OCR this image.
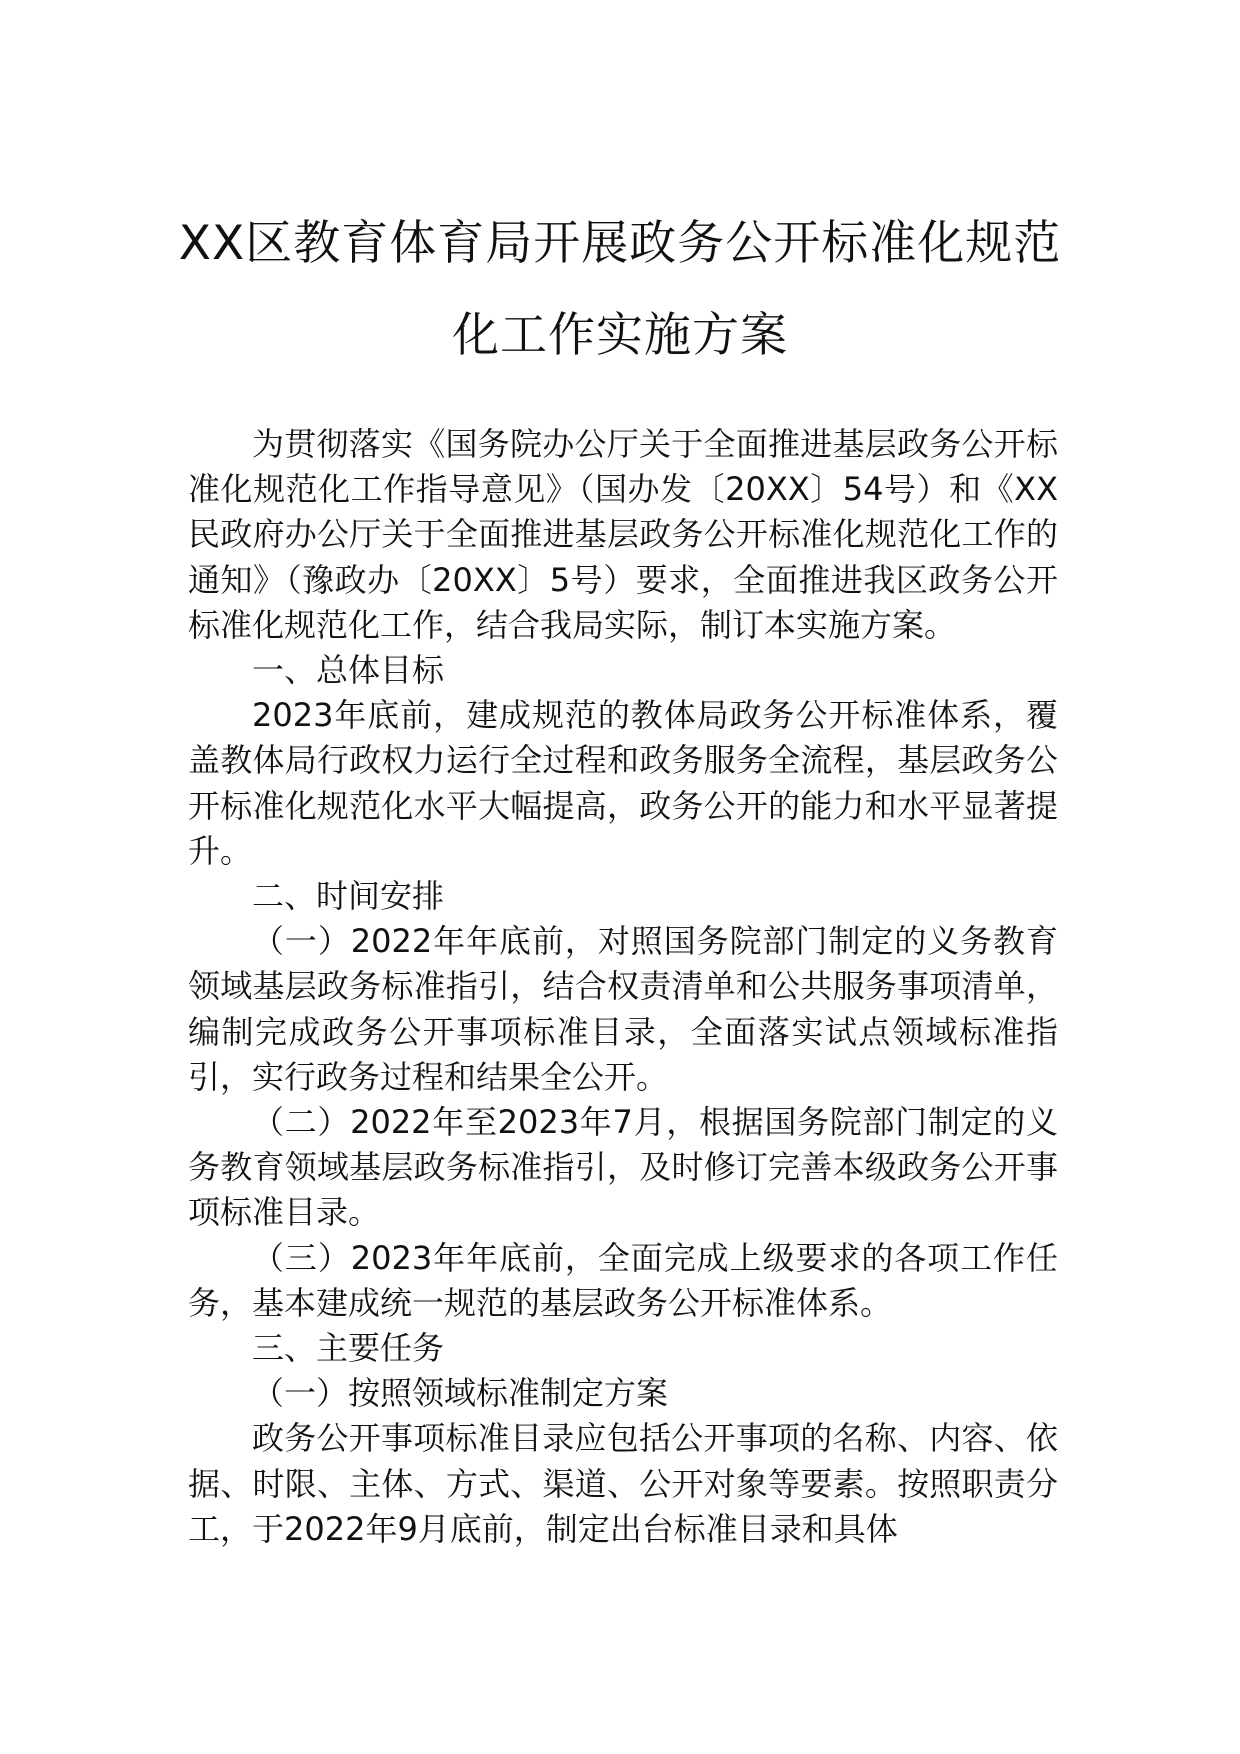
XX区教育体育局开展政务公开标准化规范
化工作实施方案

为贯彻落实《国务院办公厅关于全面推进基层政务公开标准化规范化工作指导意见》（国办发〔20XX〕54号）和《XX民政府办公厅关于全面推进基层政务公开标准化规范化工作的通知》（豫政办〔20XX〕5号）要求，全面推进我区政务公开标准化规范化工作，结合我局实际，制订本实施方案。

一、总体目标

2023年底前，建成规范的教体局政务公开标准体系，覆盖教体局行政权力运行全过程和政务服务全流程，基层政务公开标准化规范化水平大幅提高，政务公开的能力和水平显著提升。

二、时间安排

（一）2022年年底前，对照国务院部门制定的义务教育领域基层政务标准指引，结合权责清单和公共服务事项清单，编制完成政务公开事项标准目录，全面落实试点领域标准指引，实行政务过程和结果全公开。

（二）2022年至2023年7月，根据国务院部门制定的义务教育领域基层政务标准指引，及时修订完善本级政务公开事项标准目录。

（三）2023年年底前，全面完成上级要求的各项工作任务，基本建成统一规范的基层政务公开标准体系。

三、主要任务

（一）按照领域标准制定方案

政务公开事项标准目录应包括公开事项的名称、内容、依据、时限、主体、方式、渠道、公开对象等要素。按照职责分工，于2022年9月底前，制定出台标准目录和具体
